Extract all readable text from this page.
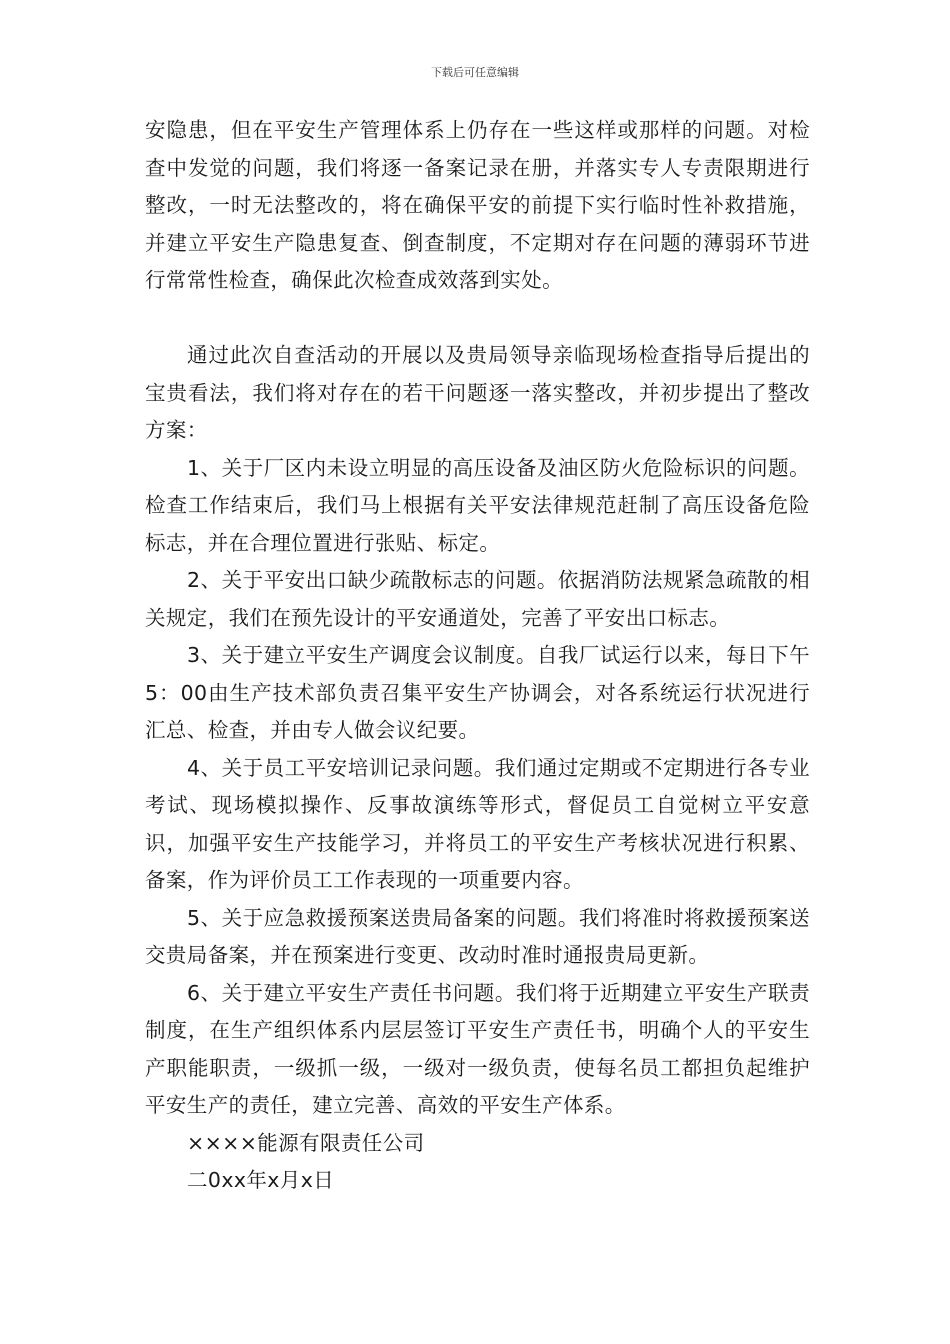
下载后可任意编辑

安隐患，但在平安生产管理体系上仍存在一些这样或那样的问题。对检查中发觉的问题，我们将逐一备案记录在册，并落实专人专责限期进行整改，一时无法整改的，将在确保平安的前提下实行临时性补救措施，并建立平安生产隐患复查、倒查制度，不定期对存在问题的薄弱环节进行常常性检查，确保此次检查成效落到实处。

通过此次自查活动的开展以及贵局领导亲临现场检查指导后提出的宝贵看法，我们将对存在的若干问题逐一落实整改，并初步提出了整改方案：

1、关于厂区内未设立明显的高压设备及油区防火危险标识的问题。检查工作结束后，我们马上根据有关平安法律规范赶制了高压设备危险标志，并在合理位置进行张贴、标定。

2、关于平安出口缺少疏散标志的问题。依据消防法规紧急疏散的相关规定，我们在预先设计的平安通道处，完善了平安出口标志。

3、关于建立平安生产调度会议制度。自我厂试运行以来，每日下午5：00由生产技术部负责召集平安生产协调会，对各系统运行状况进行汇总、检查，并由专人做会议纪要。

4、关于员工平安培训记录问题。我们通过定期或不定期进行各专业考试、现场模拟操作、反事故演练等形式，督促员工自觉树立平安意识，加强平安生产技能学习，并将员工的平安生产考核状况进行积累、备案，作为评价员工工作表现的一项重要内容。

5、关于应急救援预案送贵局备案的问题。我们将准时将救援预案送交贵局备案，并在预案进行变更、改动时准时通报贵局更新。

6、关于建立平安生产责任书问题。我们将于近期建立平安生产联责制度，在生产组织体系内层层签订平安生产责任书，明确个人的平安生产职能职责，一级抓一级，一级对一级负责，使每名员工都担负起维护平安生产的责任，建立完善、高效的平安生产体系。

××××能源有限责任公司

二0xx年x月x日
